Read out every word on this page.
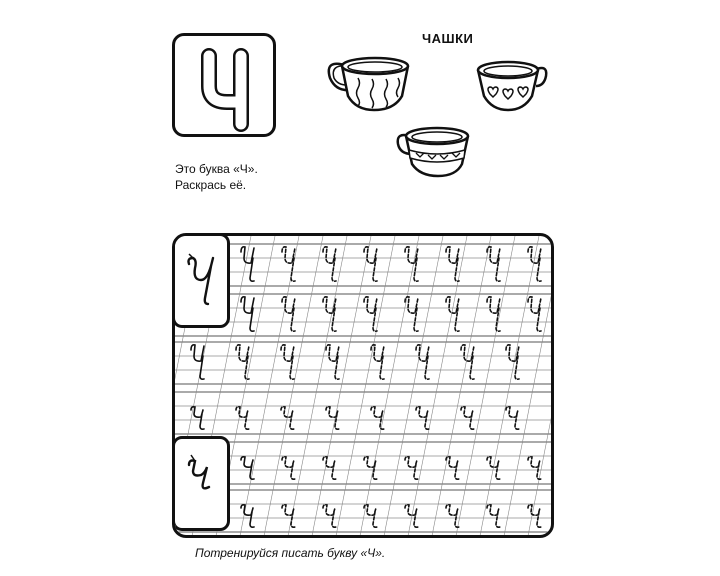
Это буква «Ч».
Раскрась её.
ЧАШКИ
Потренируйся писать букву «Ч».
